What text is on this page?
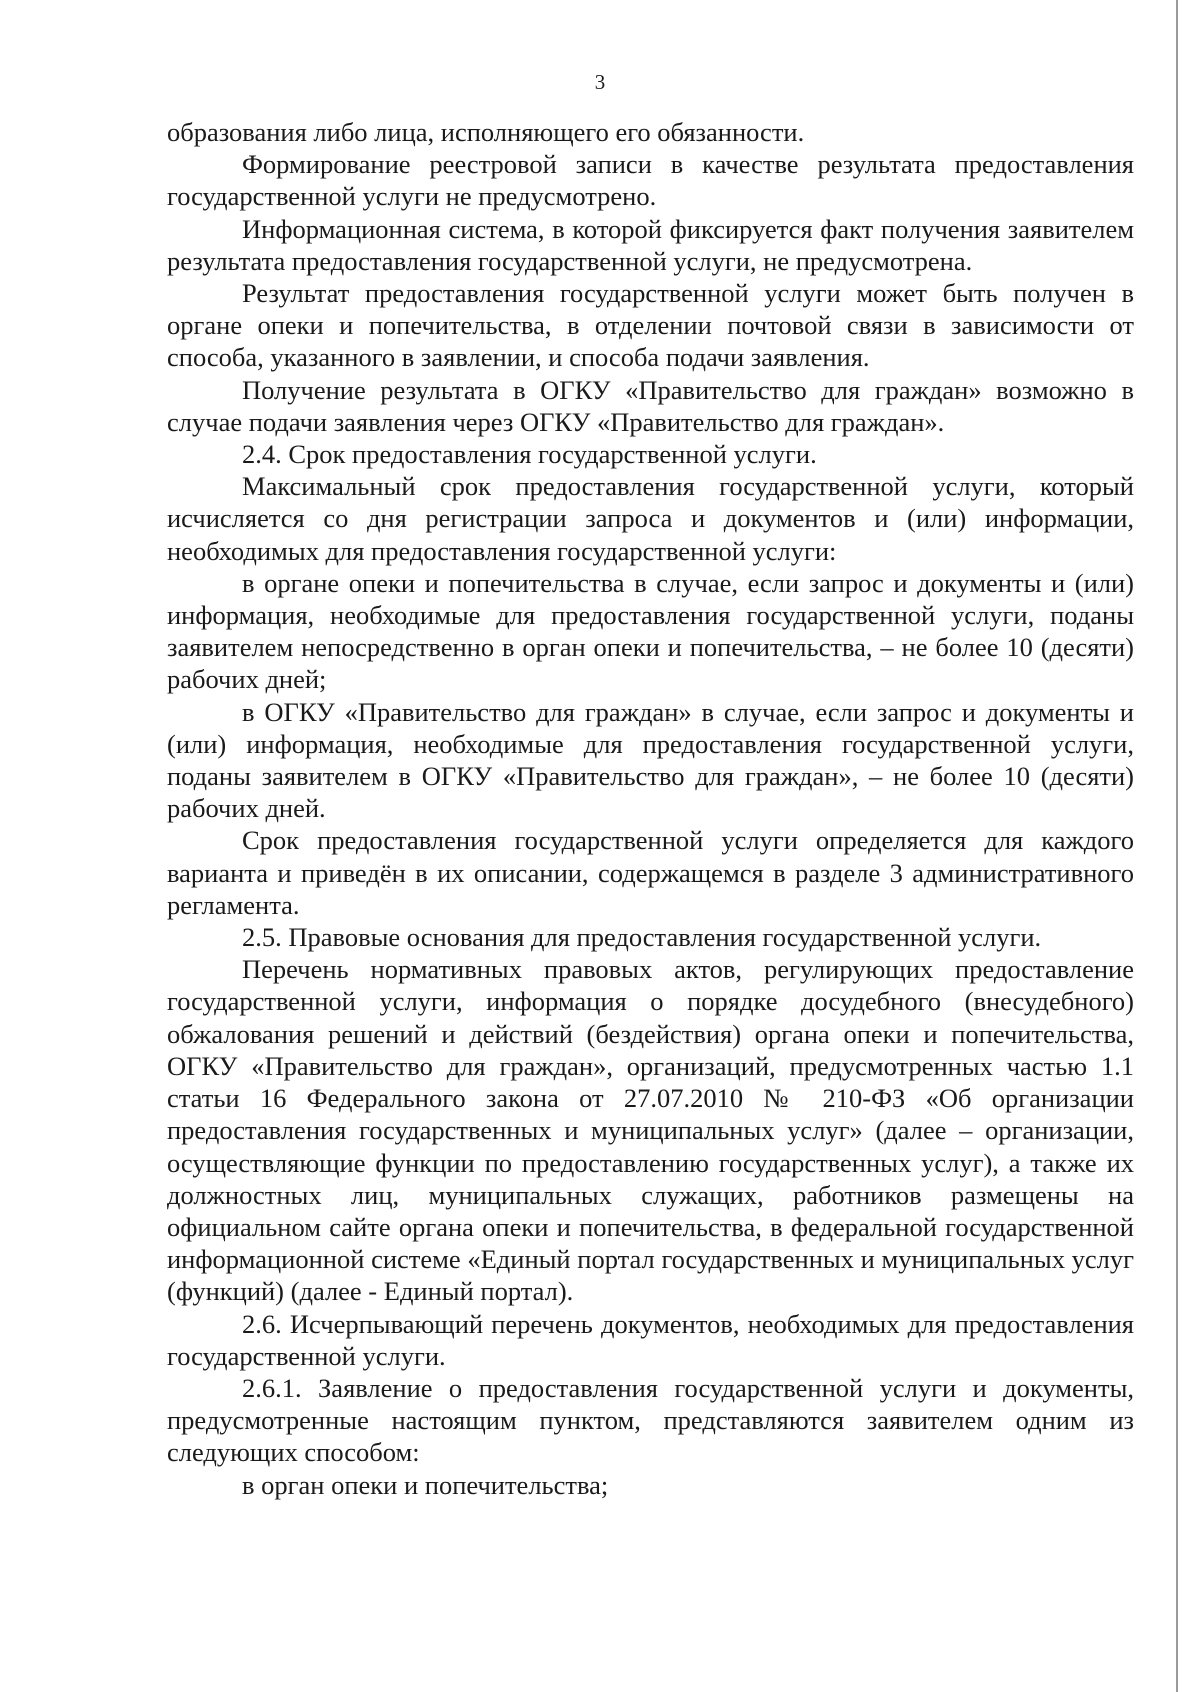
3

образования либо лица, исполняющего его обязанности.

Формирование реестровой записи в качестве результата предоставления государственной услуги не предусмотрено.

Информационная система, в которой фиксируется факт получения заявителем результата предоставления государственной услуги, не предусмотрена.

Результат предоставления государственной услуги может быть получен в органе опеки и попечительства, в отделении почтовой связи в зависимости от способа, указанного в заявлении, и способа подачи заявления.

Получение результата в ОГКУ «Правительство для граждан» возможно в случае подачи заявления через ОГКУ «Правительство для граждан».

2.4. Срок предоставления государственной услуги.

Максимальный срок предоставления государственной услуги, который исчисляется со дня регистрации запроса и документов и (или) информации, необходимых для предоставления государственной услуги:

в органе опеки и попечительства в случае, если запрос и документы и (или) информация, необходимые для предоставления государственной услуги, поданы заявителем непосредственно в орган опеки и попечительства, – не более 10 (десяти) рабочих дней;

в ОГКУ «Правительство для граждан» в случае, если запрос и документы и (или) информация, необходимые для предоставления государственной услуги, поданы заявителем в ОГКУ «Правительство для граждан», – не более 10 (десяти) рабочих дней.

Срок предоставления государственной услуги определяется для каждого варианта и приведён в их описании, содержащемся в разделе 3 административного регламента.

2.5. Правовые основания для предоставления государственной услуги.

Перечень нормативных правовых актов, регулирующих предоставление государственной услуги, информация о порядке досудебного (внесудебного) обжалования решений и действий (бездействия) органа опеки и попечительства, ОГКУ «Правительство для граждан», организаций, предусмотренных частью 1.1 статьи 16 Федерального закона от 27.07.2010 № 210-ФЗ «Об организации предоставления государственных и муниципальных услуг» (далее – организации, осуществляющие функции по предоставлению государственных услуг), а также их должностных лиц, муниципальных служащих, работников размещены на официальном сайте органа опеки и попечительства, в федеральной государственной информационной системе «Единый портал государственных и муниципальных услуг (функций) (далее - Единый портал).

2.6. Исчерпывающий перечень документов, необходимых для предоставления государственной услуги.

2.6.1. Заявление о предоставления государственной услуги и документы, предусмотренные настоящим пунктом, представляются заявителем одним из следующих способом:

в орган опеки и попечительства;
